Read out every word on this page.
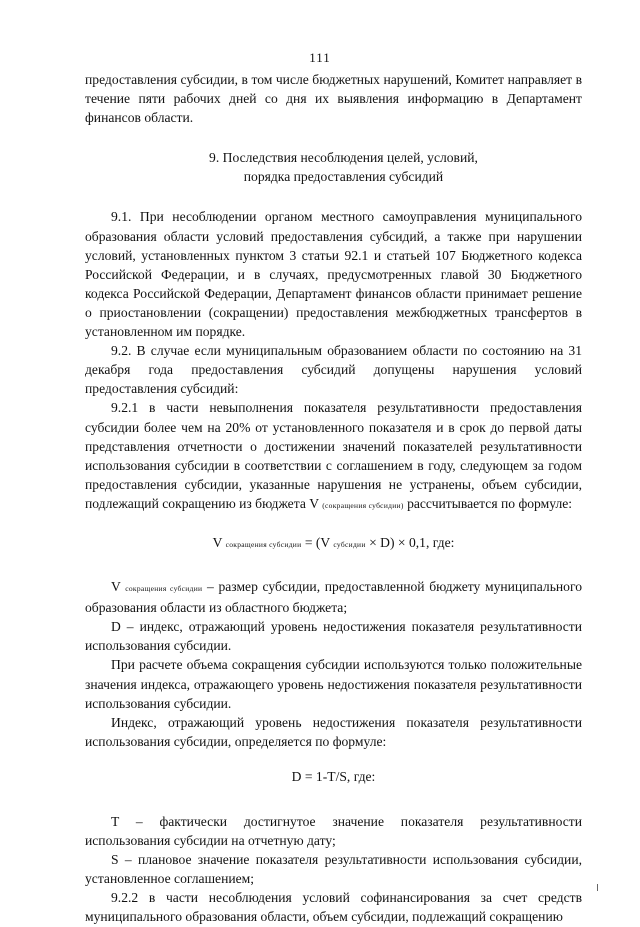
111

предоставления субсидии, в том числе бюджетных нарушений, Комитет направляет в течение пяти рабочих дней со дня их выявления информацию в Департамент финансов области.

9. Последствия несоблюдения целей, условий,
порядка предоставления субсидий

9.1. При несоблюдении органом местного самоуправления муниципального образования области условий предоставления субсидий, а также при нарушении условий, установленных пунктом 3 статьи 92.1 и статьей 107 Бюджетного кодекса Российской Федерации, и в случаях, предусмотренных главой 30 Бюджетного кодекса Российской Федерации, Департамент финансов области принимает решение о приостановлении (сокращении) предоставления межбюджетных трансфертов в установленном им порядке.

9.2. В случае если муниципальным образованием области по состоянию на 31 декабря года предоставления субсидий допущены нарушения условий предоставления субсидий:

9.2.1 в части невыполнения показателя результативности предоставления субсидии более чем на 20% от установленного показателя и в срок до первой даты представления отчетности о достижении значений показателей результативности использования субсидии в соответствии с соглашением в году, следующем за годом предоставления субсидии, указанные нарушения не устранены, объем субсидии, подлежащий сокращению из бюджета V (сокращения субсидии) рассчитывается по формуле:

V сокращения субсидии = (V субсидии × D) × 0,1, где:

V сокращения субсидии – размер субсидии, предоставленной бюджету муниципального образования области из областного бюджета;

D – индекс, отражающий уровень недостижения показателя результативности использования субсидии.

При расчете объема сокращения субсидии используются только положительные значения индекса, отражающего уровень недостижения показателя результативности использования субсидии.

Индекс, отражающий уровень недостижения показателя результативности использования субсидии, определяется по формуле:

D = 1-T/S, где:

T – фактически достигнутое значение показателя результативности использования субсидии на отчетную дату;

S – плановое значение показателя результативности использования субсидии, установленное соглашением;

9.2.2 в части несоблюдения условий софинансирования за счет средств муниципального образования области, объем субсидии, подлежащий сокращению
